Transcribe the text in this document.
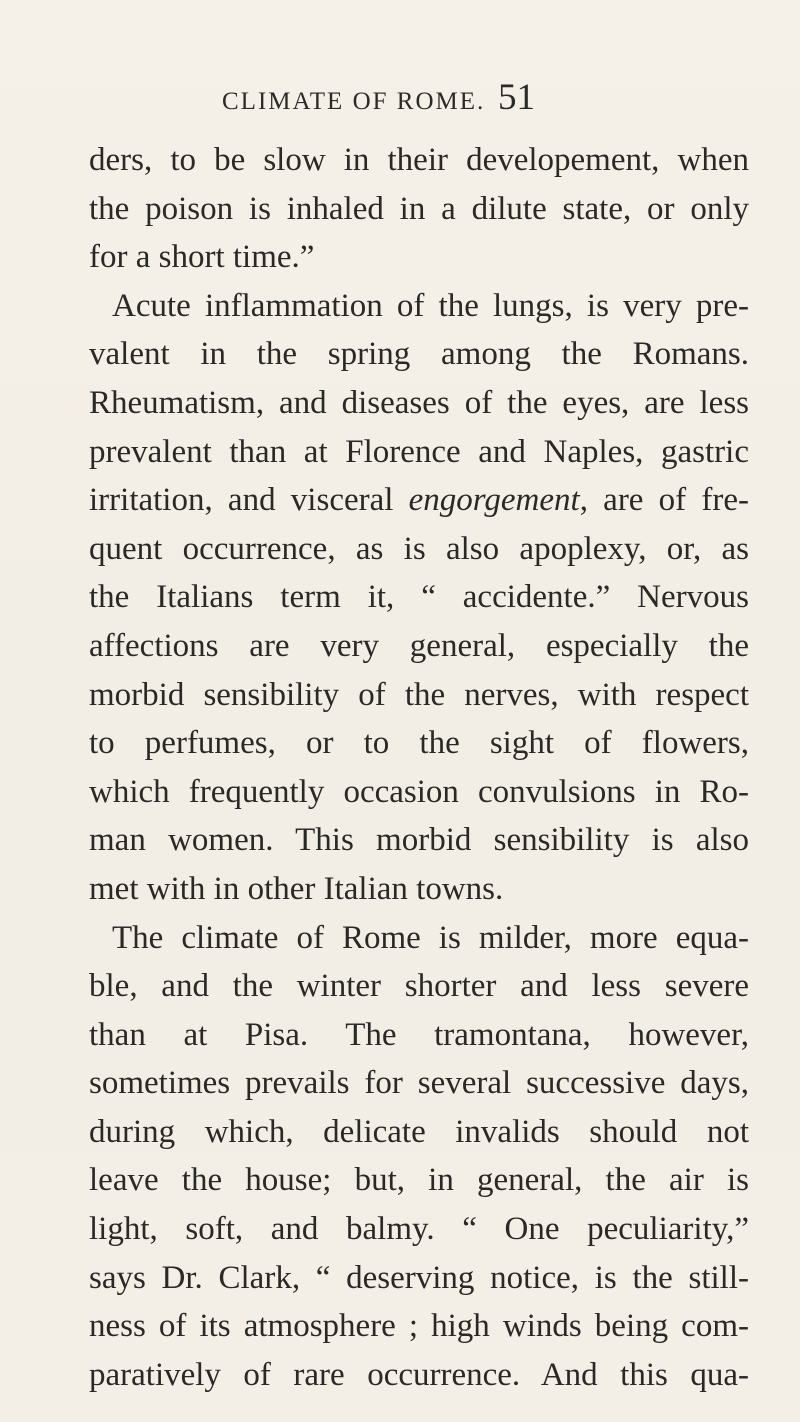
CLIMATE OF ROME. 51
ders, to be slow in their developement, when
the poison is inhaled in a dilute state, or only
for a short time.”
Acute inflammation of the lungs, is very pre-
valent in the spring among the Romans.
Rheumatism, and diseases of the eyes, are less
prevalent than at Florence and Naples, gastric
irritation, and visceral engorgement, are of fre-
quent occurrence, as is also apoplexy, or, as
the Italians term it, “ accidente.” Nervous
affections are very general, especially the
morbid sensibility of the nerves, with respect
to perfumes, or to the sight of flowers,
which frequently occasion convulsions in Ro-
man women. This morbid sensibility is also
met with in other Italian towns.
The climate of Rome is milder, more equa-
ble, and the winter shorter and less severe
than at Pisa. The tramontana, however,
sometimes prevails for several successive days,
during which, delicate invalids should not
leave the house; but, in general, the air is
light, soft, and balmy. “ One peculiarity,”
says Dr. Clark, “ deserving notice, is the still-
ness of its atmosphere ; high winds being com-
paratively of rare occurrence. And this qua-
